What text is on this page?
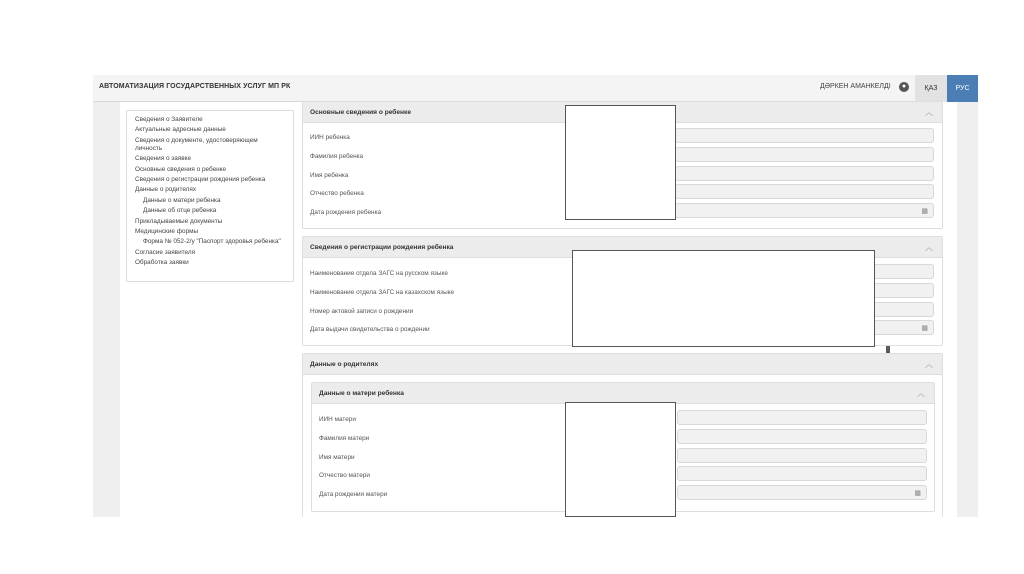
АВТОМАТИЗАЦИЯ ГОСУДАРСТВЕННЫХ УСЛУГ МП РК	ДӘРКЕН АМАНКЕЛДІ	●	ҚАЗ	РУС
Сведения о Заявителе
Актуальные адресные данные
Сведения о документе, удостоверяющем личность
Сведения о заявке
Основные сведения о ребенке
Сведения о регистрации рождения ребенка
Данные о родителях
Данные о матери ребенка
Данные об отце ребенка
Прикладываемые документы
Медицинские формы
Форма № 052-2/у "Паспорт здоровья ребенка"
Согласие заявителя
Обработка заявки
Основные сведения о ребенке	︿
ИИН ребенка
Фамилия ребенка
Имя ребенка
Отчество ребенка
Дата рождения ребенка	▦
Сведения о регистрации рождения ребенка	︿
Наименование отдела ЗАГС на русском языке
Наименование отдела ЗАГС на казахском языке
Номер актовой записи о рождении
Дата выдачи свидетельства о рождении	▦
Данные о родителях	︿
Данные о матери ребенка	︿
ИИН матери
Фамилия матери
Имя матери
Отчество матери
Дата рождения матери	▦
